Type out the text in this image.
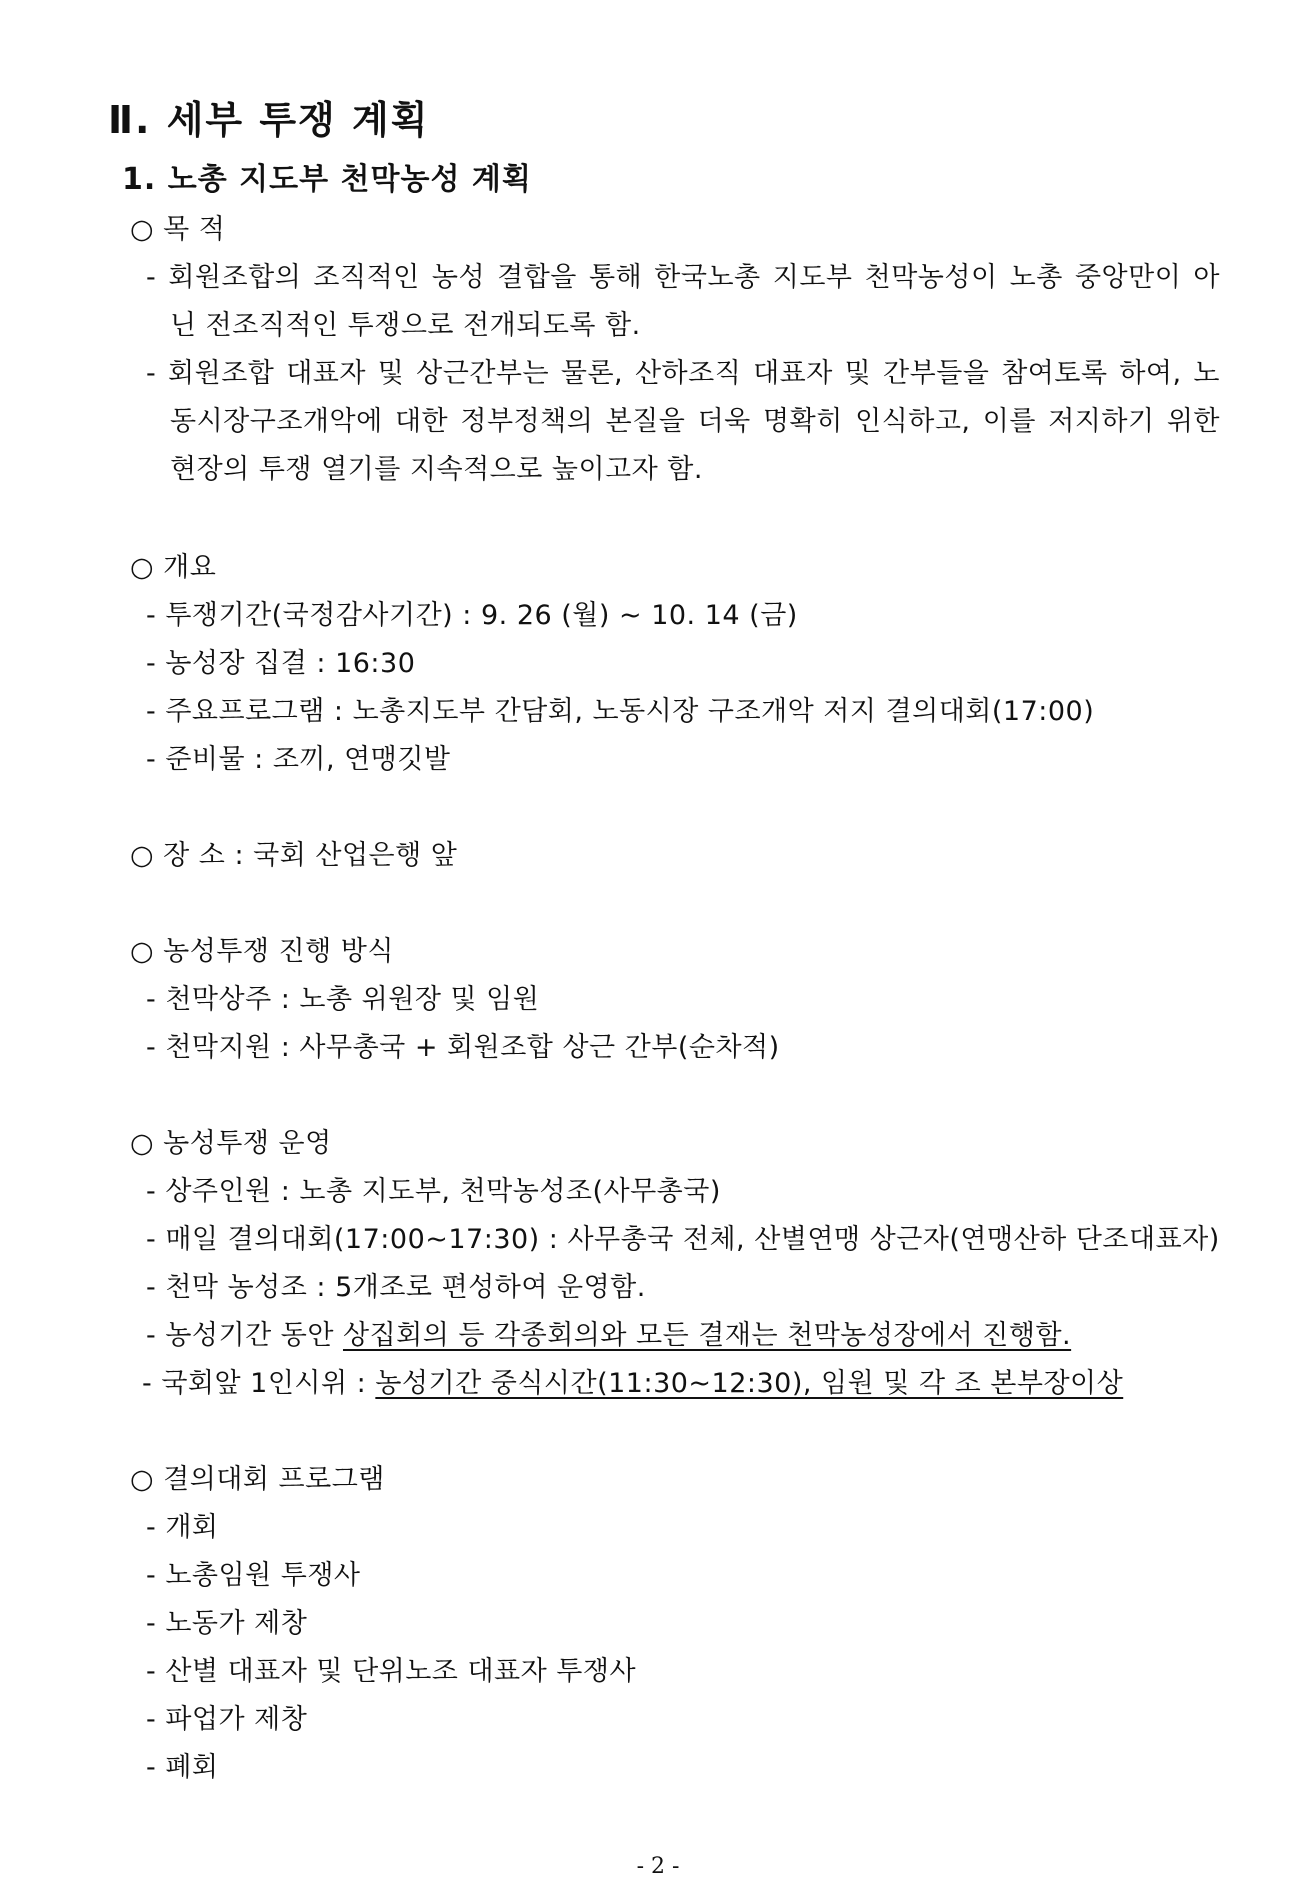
Ⅱ. 세부 투쟁 계획
1. 노총 지도부 천막농성 계획
○ 목 적
- 회원조합의 조직적인 농성 결합을 통해 한국노총 지도부 천막농성이 노총 중앙만이 아
닌 전조직적인 투쟁으로 전개되도록 함.
- 회원조합 대표자 및 상근간부는 물론, 산하조직 대표자 및 간부들을 참여토록 하여, 노
동시장구조개악에 대한 정부정책의 본질을 더욱 명확히 인식하고, 이를 저지하기 위한
현장의 투쟁 열기를 지속적으로 높이고자 함.
○ 개요
- 투쟁기간(국정감사기간) : 9. 26 (월) ~ 10. 14 (금)
- 농성장 집결 : 16:30
- 주요프로그램 : 노총지도부 간담회, 노동시장 구조개악 저지 결의대회(17:00)
- 준비물 : 조끼, 연맹깃발
○ 장 소 : 국회 산업은행 앞
○ 농성투쟁 진행 방식
- 천막상주 : 노총 위원장 및 임원
- 천막지원 : 사무총국 + 회원조합 상근 간부(순차적)
○ 농성투쟁 운영
- 상주인원 : 노총 지도부, 천막농성조(사무총국)
- 매일 결의대회(17:00~17:30) : 사무총국 전체, 산별연맹 상근자(연맹산하 단조대표자)
- 천막 농성조 : 5개조로 편성하여 운영함.
- 농성기간 동안 상집회의 등 각종회의와 모든 결재는 천막농성장에서 진행함.
- 국회앞 1인시위 : 농성기간 중식시간(11:30~12:30), 임원 및 각 조 본부장이상
○ 결의대회 프로그램
- 개회
- 노총임원 투쟁사
- 노동가 제창
- 산별 대표자 및 단위노조 대표자 투쟁사
- 파업가 제창
- 폐회
- 2 -
